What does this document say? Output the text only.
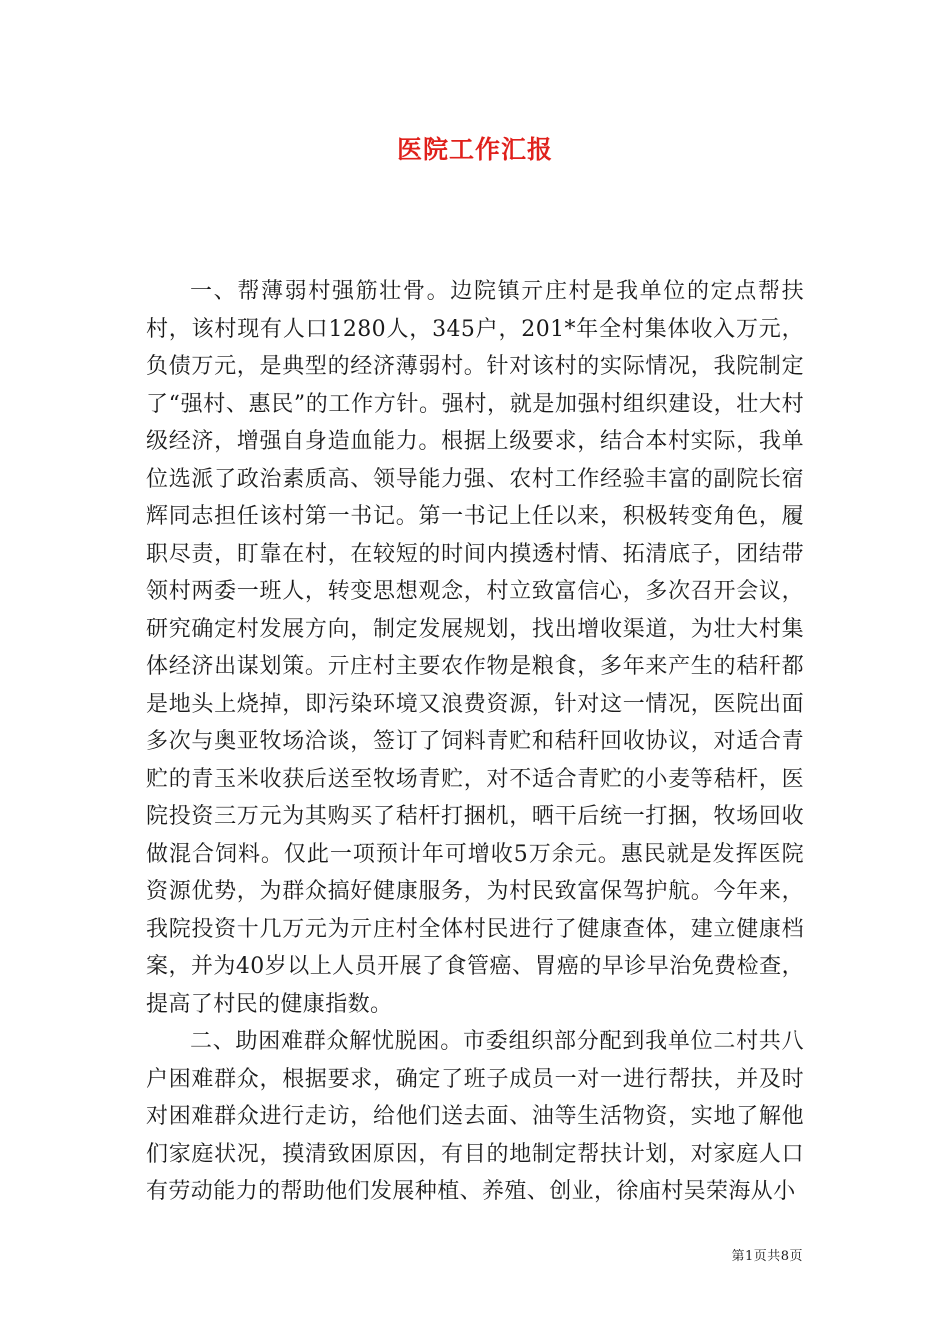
医院工作汇报

一、帮薄弱村强筋壮骨。边院镇亓庄村是我单位的定点帮扶村，该村现有人口1280人，345户，201*年全村集体收入万元，负债万元，是典型的经济薄弱村。针对该村的实际情况，我院制定了“强村、惠民”的工作方针。强村，就是加强村组织建设，壮大村级经济，增强自身造血能力。根据上级要求，结合本村实际，我单位选派了政治素质高、领导能力强、农村工作经验丰富的副院长宿辉同志担任该村第一书记。第一书记上任以来，积极转变角色，履职尽责，盯靠在村，在较短的时间内摸透村情、拓清底子，团结带领村两委一班人，转变思想观念，村立致富信心，多次召开会议，研究确定村发展方向，制定发展规划，找出增收渠道，为壮大村集体经济出谋划策。亓庄村主要农作物是粮食，多年来产生的秸秆都是地头上烧掉，即污染环境又浪费资源，针对这一情况，医院出面多次与奥亚牧场洽谈，签订了饲料青贮和秸秆回收协议，对适合青贮的青玉米收获后送至牧场青贮，对不适合青贮的小麦等秸杆，医院投资三万元为其购买了秸杆打捆机，晒干后统一打捆，牧场回收做混合饲料。仅此一项预计年可增收5万余元。惠民就是发挥医院资源优势，为群众搞好健康服务，为村民致富保驾护航。今年来，我院投资十几万元为亓庄村全体村民进行了健康查体，建立健康档案，并为40岁以上人员开展了食管癌、胃癌的早诊早治免费检查，提高了村民的健康指数。

二、助困难群众解忧脱困。市委组织部分配到我单位二村共八户困难群众，根据要求，确定了班子成员一对一进行帮扶，并及时对困难群众进行走访，给他们送去面、油等生活物资，实地了解他们家庭状况，摸清致困原因，有目的地制定帮扶计划，对家庭人口有劳动能力的帮助他们发展种植、养殖、创业，徐庙村吴荣海从小

第1页共8页
